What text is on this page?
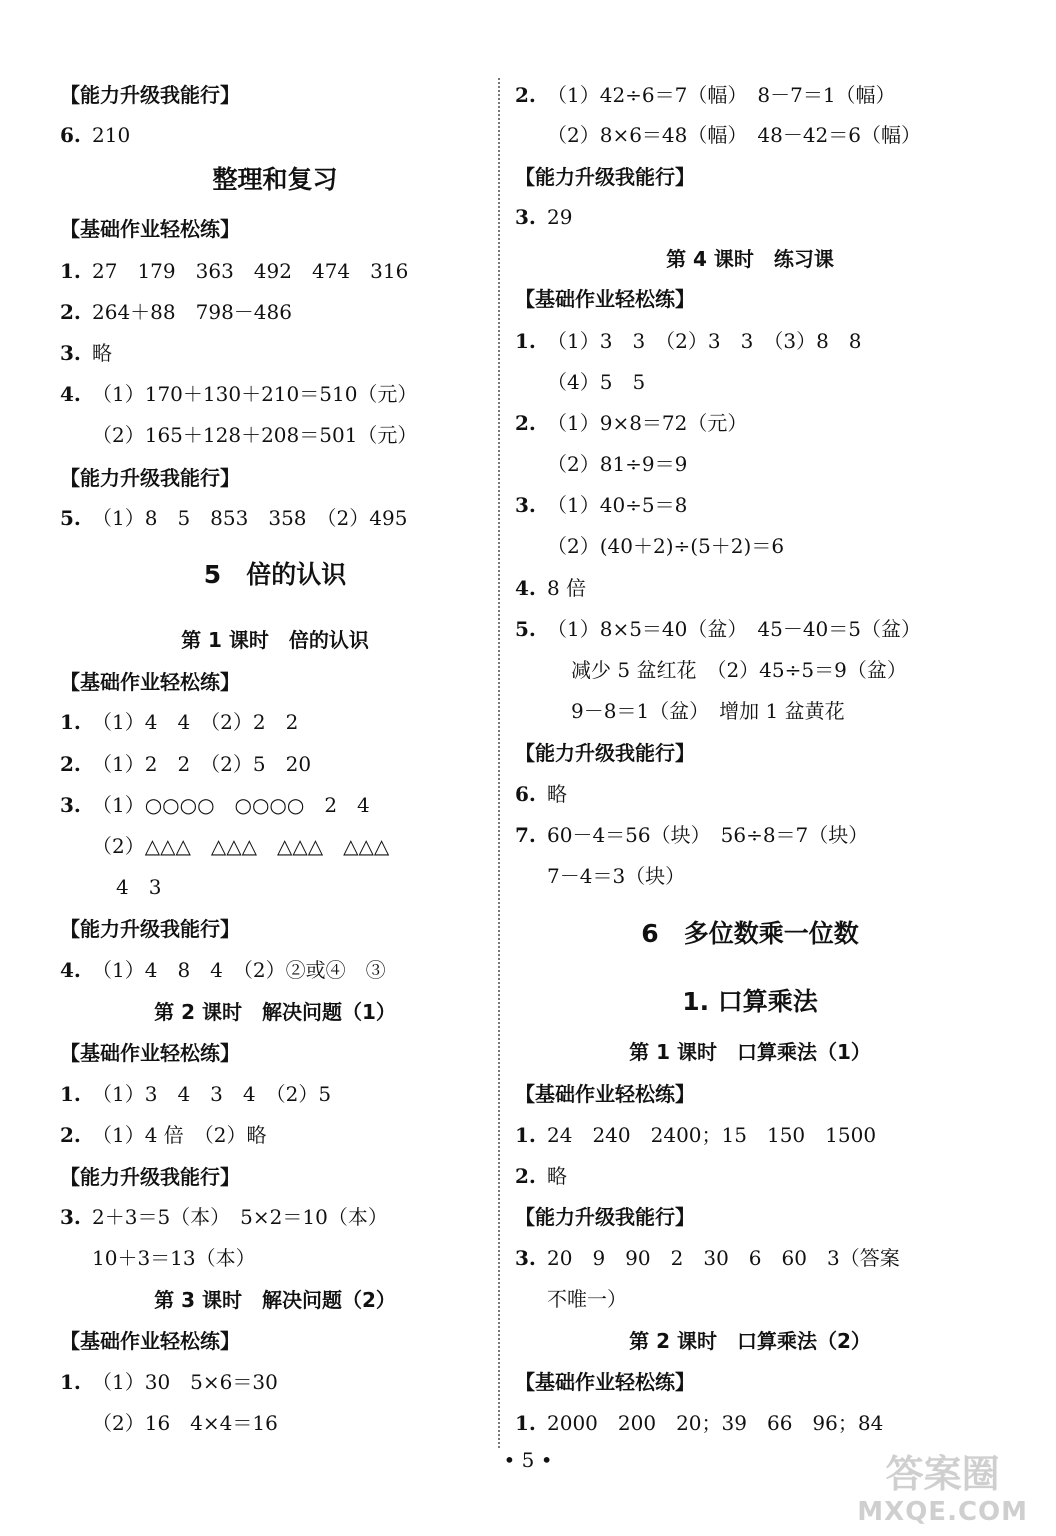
【能力升级我能行】
6. 210
整理和复习
【基础作业轻松练】
1. 27　179　363　492　474　316
2. 264＋88　798－486
3. 略
4. （1）170＋130＋210＝510（元）
（2）165＋128＋208＝501（元）
【能力升级我能行】
5. （1）8　5　853　358　（2）495
5　倍的认识
第 1 课时　倍的认识
【基础作业轻松练】
1. （1）4　4　（2）2　2
2. （1）2　2　（2）5　20
3. （1）○○○○　○○○○　2　4
（2）△△△　△△△　△△△　△△△
4　3
【能力升级我能行】
4. （1）4　8　4　（2）②或④　③
第 2 课时　解决问题（1）
【基础作业轻松练】
1. （1）3　4　3　4　（2）5
2. （1）4 倍　（2）略
【能力升级我能行】
3. 2＋3＝5（本）　5×2＝10（本）
10＋3＝13（本）
第 3 课时　解决问题（2）
【基础作业轻松练】
1. （1）30　5×6＝30
（2）16　4×4＝16
2. （1）42÷6＝7（幅）　8－7＝1（幅）
（2）8×6＝48（幅）　48－42＝6（幅）
【能力升级我能行】
3. 29
第 4 课时　练习课
【基础作业轻松练】
1. （1）3　3　（2）3　3　（3）8　8
（4）5　5
2. （1）9×8＝72（元）
（2）81÷9＝9
3. （1）40÷5＝8
（2）(40＋2)÷(5＋2)＝6
4. 8 倍
5. （1）8×5＝40（盆）　45－40＝5（盆）
减少 5 盆红花　（2）45÷5＝9（盆）
9－8＝1（盆）　增加 1 盆黄花
【能力升级我能行】
6. 略
7. 60－4＝56（块）　56÷8＝7（块）
7－4＝3（块）
6　多位数乘一位数
1. 口算乘法
第 1 课时　口算乘法（1）
【基础作业轻松练】
1. 24　240　2400；15　150　1500
2. 略
【能力升级我能行】
3. 20　9　90　2　30　6　60　3（答案
不唯一）
第 2 课时　口算乘法（2）
【基础作业轻松练】
1. 2000　200　20；39　66　96；84
• 5 •	答案圈
MXQE.COM
